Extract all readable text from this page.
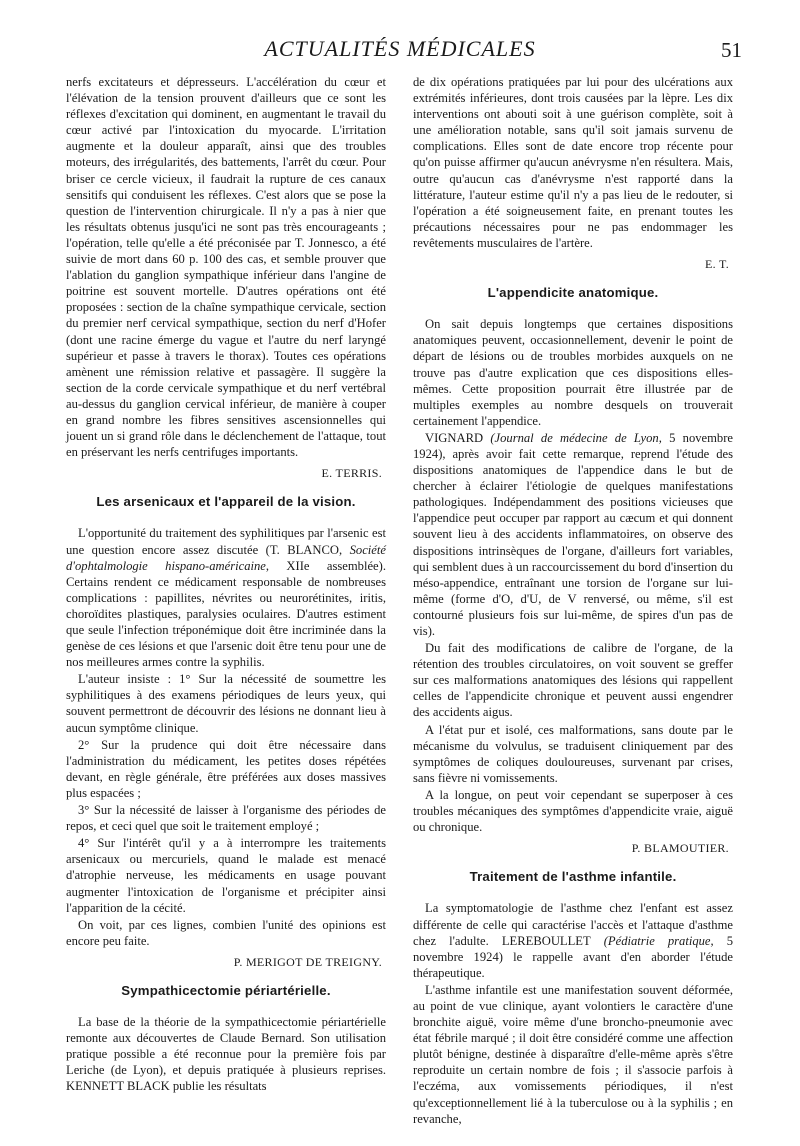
ACTUALITÉS MÉDICALES	51

nerfs excitateurs et dépresseurs. L'accélération du cœur et l'élévation de la tension prouvent d'ailleurs que ce sont les réflexes d'excitation qui dominent, en augmentant le travail du cœur activé par l'intoxication du myocarde. L'irritation augmente et la douleur apparaît, ainsi que des troubles moteurs, des irrégularités, des battements, l'arrêt du cœur. Pour briser ce cercle vicieux, il faudrait la rupture de ces canaux sensitifs qui conduisent les réflexes. C'est alors que se pose la question de l'intervention chirurgicale. Il n'y a pas à nier que les résultats obtenus jusqu'ici ne sont pas très encourageants ; l'opération, telle qu'elle a été préconisée par T. Jonnesco, a été suivie de mort dans 60 p. 100 des cas, et semble prouver que l'ablation du ganglion sympathique inférieur dans l'angine de poitrine est souvent mortelle. D'autres opérations ont été proposées : section de la chaîne sympathique cervicale, section du premier nerf cervical sympathique, section du nerf d'Hofer (dont une racine émerge du vague et l'autre du nerf laryngé supérieur et passe à travers le thorax). Toutes ces opérations amènent une rémission relative et passagère. Il suggère la section de la corde cervicale sympathique et du nerf vertébral au-dessus du ganglion cervical inférieur, de manière à couper en grand nombre les fibres sensitives ascensionnelles qui jouent un si grand rôle dans le déclenchement de l'attaque, tout en préservant les nerfs centrifuges importants.

E. TERRIS.
Les arsenicaux et l'appareil de la vision.

L'opportunité du traitement des syphilitiques par l'arsenic est une question encore assez discutée (T. BLANCO, Société d'ophtalmologie hispano-américaine, XIIe assemblée). Certains rendent ce médicament responsable de nombreuses complications : papillites, névrites ou neurorétinites, iritis, choroïdites plastiques, paralysies oculaires. D'autres estiment que seule l'infection tréponémique doit être incriminée dans la genèse de ces lésions et que l'arsenic doit être tenu pour une de nos meilleures armes contre la syphilis.

L'auteur insiste : 1° Sur la nécessité de soumettre les syphilitiques à des examens périodiques de leurs yeux, qui souvent permettront de découvrir des lésions ne donnant lieu à aucun symptôme clinique.

2° Sur la prudence qui doit être nécessaire dans l'administration du médicament, les petites doses répétées devant, en règle générale, être préférées aux doses massives plus espacées ;

3° Sur la nécessité de laisser à l'organisme des périodes de repos, et ceci quel que soit le traitement employé ;

4° Sur l'intérêt qu'il y a à interrompre les traitements arsenicaux ou mercuriels, quand le malade est menacé d'atrophie nerveuse, les médicaments en usage pouvant augmenter l'intoxication de l'organisme et précipiter ainsi l'apparition de la cécité.

On voit, par ces lignes, combien l'unité des opinions est encore peu faite.

P. MERIGOT DE TREIGNY.
Sympathicectomie périartérielle.

La base de la théorie de la sympathicectomie périartérielle remonte aux découvertes de Claude Bernard. Son utilisation pratique possible a été reconnue pour la première fois par Leriche (de Lyon), et depuis pratiquée à plusieurs reprises. KENNETT BLACK publie les résultats

de dix opérations pratiquées par lui pour des ulcérations aux extrémités inférieures, dont trois causées par la lèpre. Les dix interventions ont abouti soit à une guérison complète, soit à une amélioration notable, sans qu'il soit jamais survenu de complications. Elles sont de date encore trop récente pour qu'on puisse affirmer qu'aucun anévrysme n'en résultera. Mais, outre qu'aucun cas d'anévrysme n'est rapporté dans la littérature, l'auteur estime qu'il n'y a pas lieu de le redouter, si l'opération a été soigneusement faite, en prenant toutes les précautions nécessaires pour ne pas endommager les revêtements musculaires de l'artère.

E. T.
L'appendicite anatomique.

On sait depuis longtemps que certaines dispositions anatomiques peuvent, occasionnellement, devenir le point de départ de lésions ou de troubles morbides auxquels on ne trouve pas d'autre explication que ces dispositions elles-mêmes. Cette proposition pourrait être illustrée par de multiples exemples au nombre desquels on trouverait certainement l'appendice.

VIGNARD (Journal de médecine de Lyon, 5 novembre 1924), après avoir fait cette remarque, reprend l'étude des dispositions anatomiques de l'appendice dans le but de chercher à éclairer l'étiologie de quelques manifestations pathologiques. Indépendamment des positions vicieuses que l'appendice peut occuper par rapport au cæcum et qui donnent souvent lieu à des accidents inflammatoires, on observe des dispositions intrinsèques de l'organe, d'ailleurs fort variables, qui semblent dues à un raccourcissement du bord d'insertion du méso-appendice, entraînant une torsion de l'organe sur lui-même (forme d'O, d'U, de V renversé, ou même, s'il est contourné plusieurs fois sur lui-même, de spires d'un pas de vis).

Du fait des modifications de calibre de l'organe, de la rétention des troubles circulatoires, on voit souvent se greffer sur ces malformations anatomiques des lésions qui rappellent celles de l'appendicite chronique et peuvent aussi engendrer des accidents aigus.

A l'état pur et isolé, ces malformations, sans doute par le mécanisme du volvulus, se traduisent cliniquement par des symptômes de coliques douloureuses, survenant par crises, sans fièvre ni vomissements.

A la longue, on peut voir cependant se superposer à ces troubles mécaniques des symptômes d'appendicite vraie, aiguë ou chronique.

P. BLAMOUTIER.
Traitement de l'asthme infantile.

La symptomatologie de l'asthme chez l'enfant est assez différente de celle qui caractérise l'accès et l'attaque d'asthme chez l'adulte. LEREBOULLET (Pédiatrie pratique, 5 novembre 1924) le rappelle avant d'en aborder l'étude thérapeutique.

L'asthme infantile est une manifestation souvent déformée, au point de vue clinique, ayant volontiers le caractère d'une bronchite aiguë, voire même d'une broncho-pneumonie avec état fébrile marqué ; il doit être considéré comme une affection plutôt bénigne, destinée à disparaître d'elle-même après s'être reproduite un certain nombre de fois ; il s'associe parfois à l'eczéma, aux vomissements périodiques, il n'est qu'exceptionnellement lié à la tuberculose ou à la syphilis ; en revanche,
